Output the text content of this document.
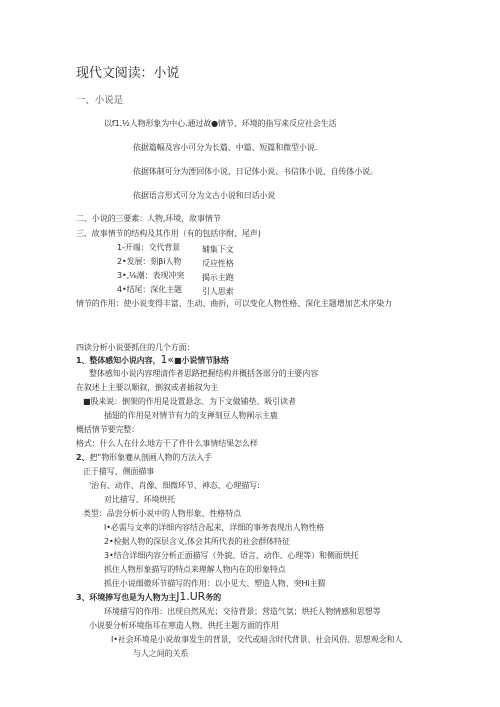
现代文阅读：小说
一、小说是
以f1.½人物形象为中心.通过故●情节、环境的指写来反应社会生活
依据篇幅及容小可分为长篇、中篇、短篇和微型小说.
依据体制可分为湮回体小说、日记体小说、书信体小说、自传体小说。
依据语言形式可分为文古小说和曰话小说
二、小说的三要素：人物,环境，故事情节
三、故事情节的结构及其作用（有的包括序酎、尾声)
1-开端：交代背景	辅集下文
2•发展：刻βi人物	反应性格
3•,⅛潮：表现冲突 揭示主跑
4•结尾：深化主题	引人思索
情节的作用：使小说变得丰富、生动、曲折，可以变化人物性格、深化主题增加艺术序染力
四读分析小说要抓住的几个方面：
1、整体感知小说内容，1«■小说情节脉络
整体感知小说内容理清作者思路把握结构并概括各部分的主要内容
在叙述上主要以顺叙，倒叙或者插叙为主
■股来说：倒架的作用是设置悬念、为下文做铺垫、吸引读者
插翅的作用是对情节有力的支禅刻豆人物阐示主鹿
概括情节要完整：
格式：什么人在什么地方干了件什么事情结果怎么样
2、把”物形象蹇从剖画人物的方法入手
正于描写、侧面描事
'治有、动作、肖像、细微环节、神态、心理描写:
对比描写、环境烘托
类型：品尝分析小说中的人物形象、性格特点
I•必需与文率的详细内容结合起来，详细的事务表现出人物性格
2•检据人物的深层含义,体会其所代表的社会群体特征
3•结合详细内容分析正面描写（外貌、语言、动作、心理等）和侧面烘托
抓住人物形象描写的特点来理解人物内在的形象特点
抓住小说细微环节描写的作用：以小见大、塑造人物、突Hi主猬
3、环境捧写也是为人物为主J1.UR务的
环境描写的作用：出现自然风光；交待背景；营造气氛；烘托人物情感和思想等
小说要分析环境指耳在寒造人物、供托主题方面的作用
I•社会环境是小说故事发生的背景，交代或暗含时代背景、社会风俗、思想观念和人
与人之间的关系
